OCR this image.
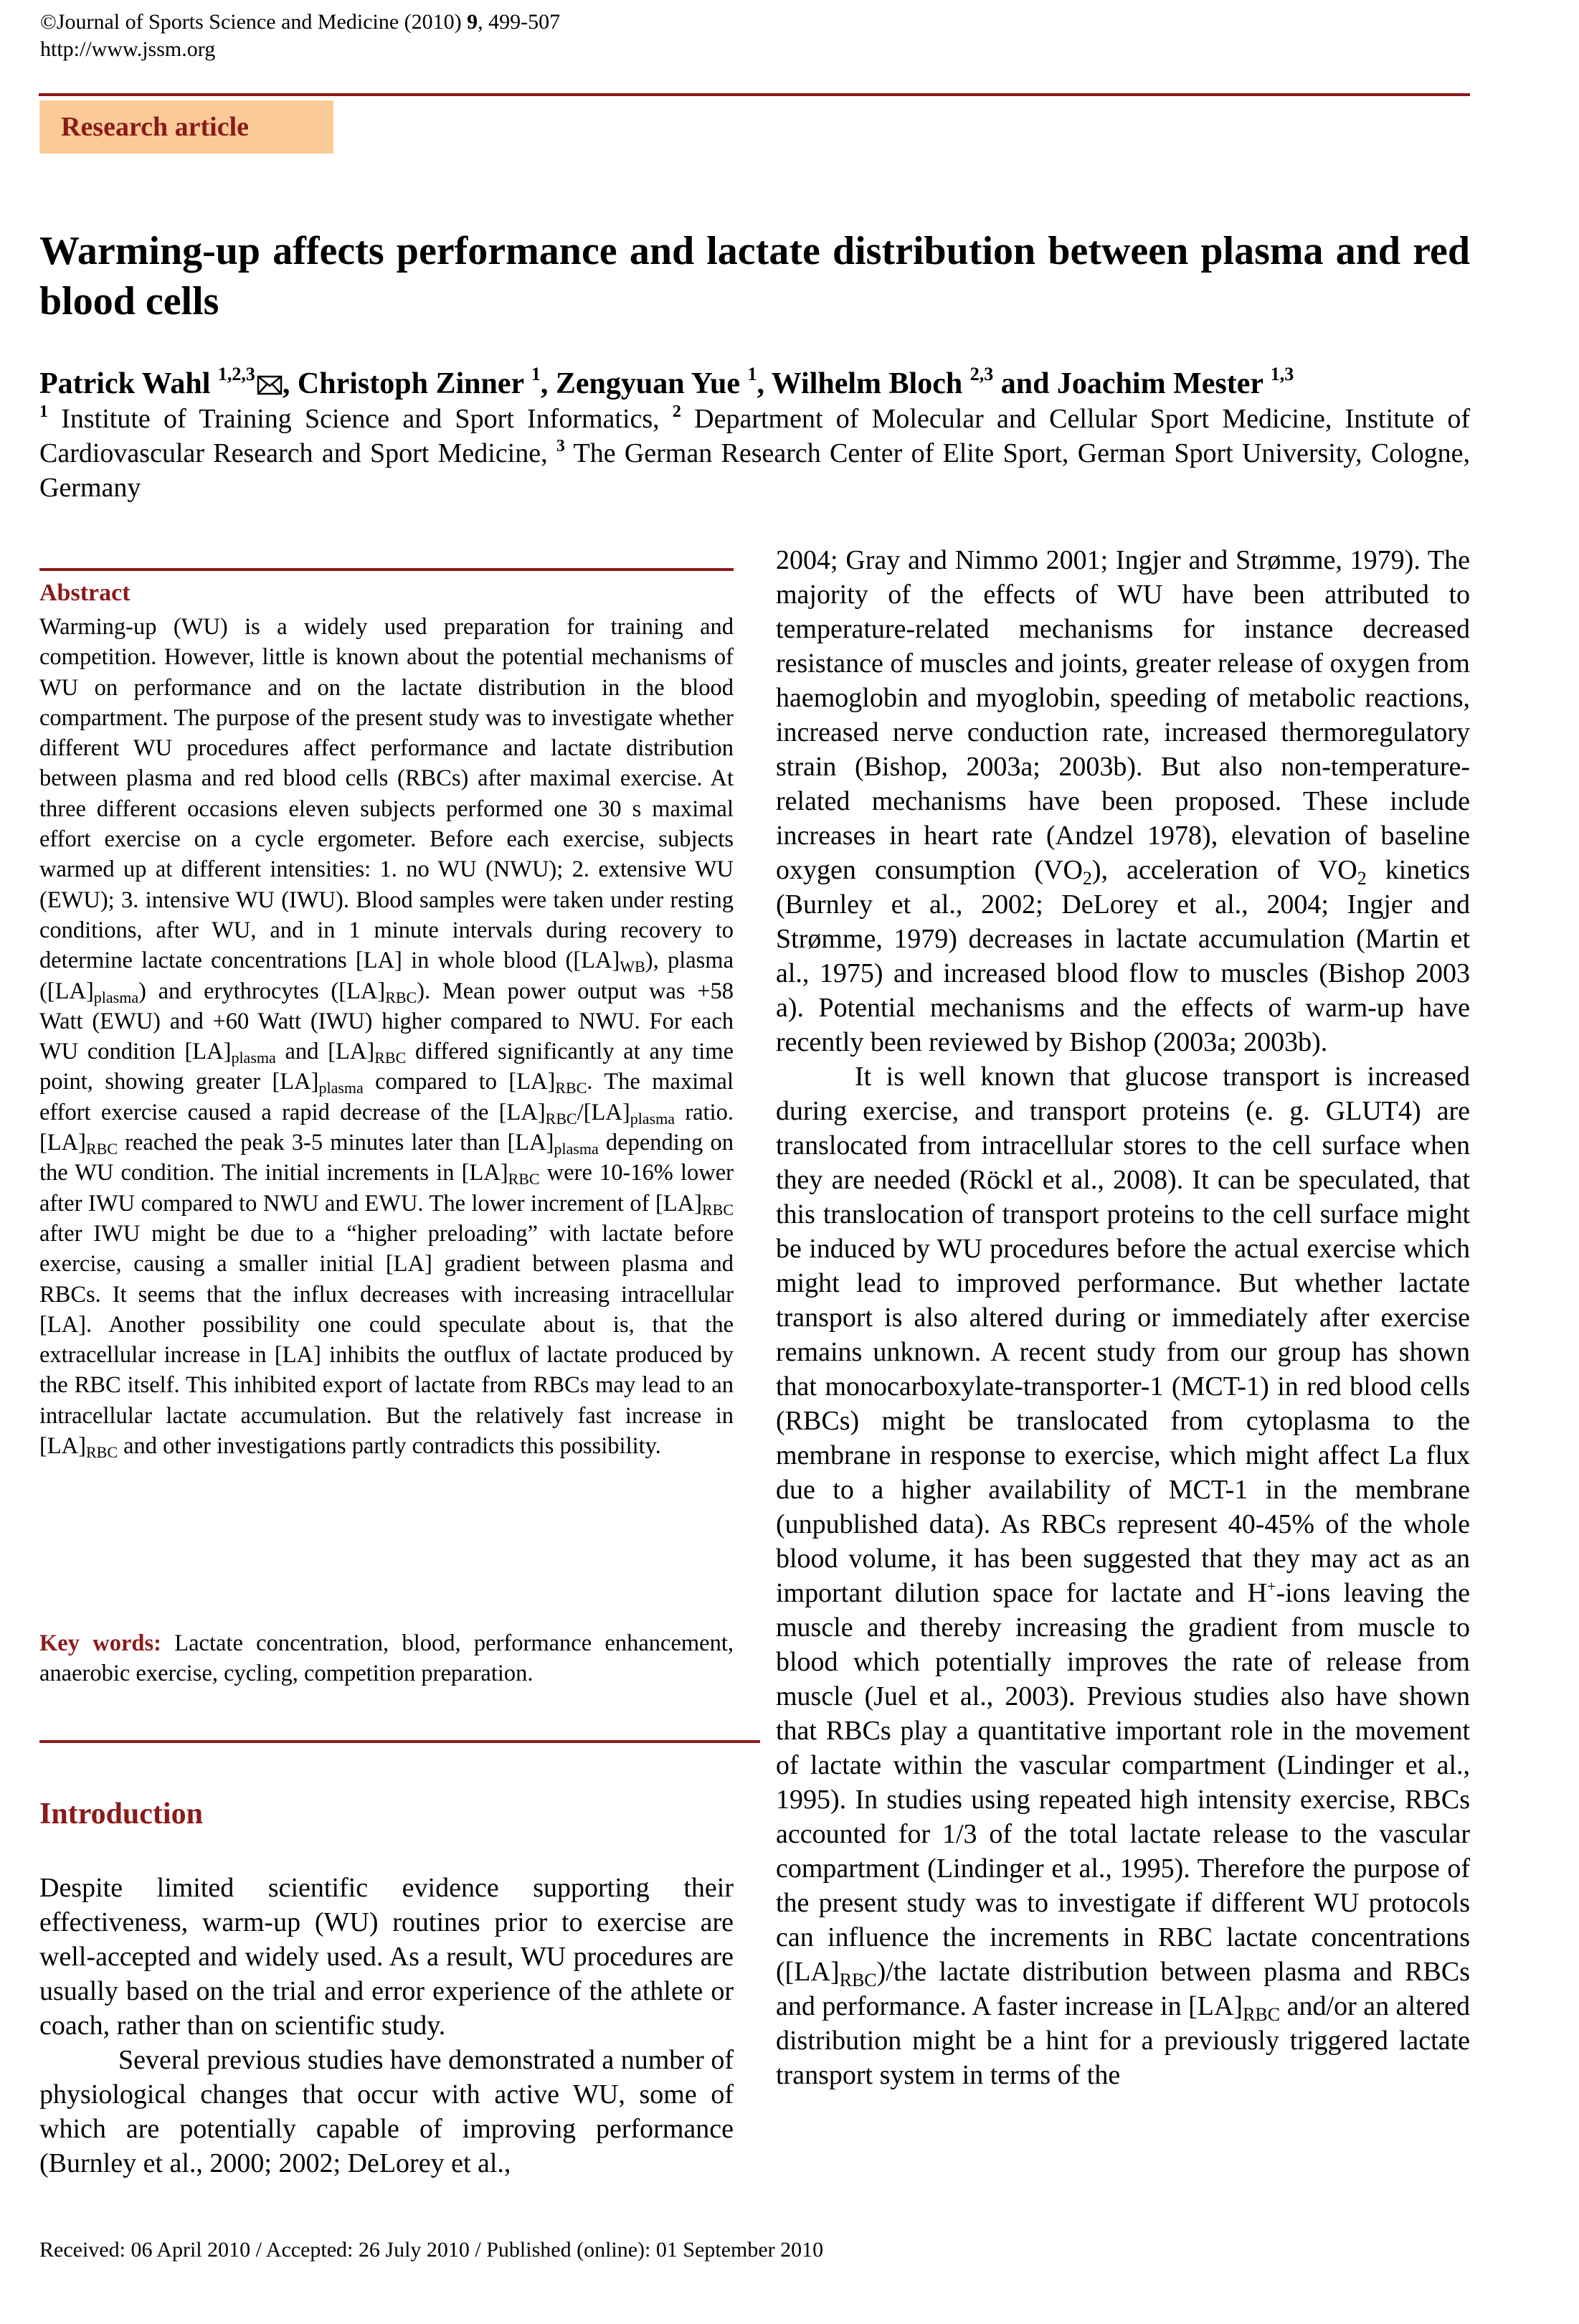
©Journal of Sports Science and Medicine (2010) 9, 499-507
http://www.jssm.org
Research article
Warming-up affects performance and lactate distribution between plasma and red blood cells
Patrick Wahl $^{1,2,3}$ , Christoph Zinner $^1$, Zengyuan Yue $^1$, Wilhelm Bloch $^{2,3}$ and Joachim Mester $^{1,3}$
$^1$ Institute of Training Science and Sport Informatics, $^2$ Department of Molecular and Cellular Sport Medicine, Institute of Cardiovascular Research and Sport Medicine, $^3$ The German Research Center of Elite Sport, German Sport University, Cologne, Germany
Abstract
Warming-up (WU) is a widely used preparation for training and competition. However, little is known about the potential mechanisms of WU on performance and on the lactate distribution in the blood compartment. The purpose of the present study was to investigate whether different WU procedures affect performance and lactate distribution between plasma and red blood cells (RBCs) after maximal exercise. At three different occasions eleven subjects performed one 30 s maximal effort exercise on a cycle ergometer. Before each exercise, subjects warmed up at different intensities: 1. no WU (NWU); 2. extensive WU (EWU); 3. intensive WU (IWU). Blood samples were taken under resting conditions, after WU, and in 1 minute intervals during recovery to determine lactate concentrations [LA] in whole blood $([LA]_{WB})$, plasma $([LA]_{plasma})$ and erythrocytes $([LA]_{RBC})$. Mean power output was +58 Watt (EWU) and +60 Watt (IWU) higher compared to NWU. For each WU condition $[LA]_{plasma}$ and $[LA]_{RBC}$ differed significantly at any time point, showing greater $[LA]_{plasma}$ compared to $[LA]_{RBC}$. The maximal effort exercise caused a rapid decrease of the $[LA]_{RBC}/[LA]_{plasma}$ ratio. $[LA]_{RBC}$ reached the peak 3-5 minutes later than $[LA]_{plasma}$ depending on the WU condition. The initial increments in $[LA]_{RBC}$ were 10-16% lower after IWU compared to NWU and EWU. The lower increment of $[LA]_{RBC}$ after IWU might be due to a “higher preloading” with lactate before exercise, causing a smaller initial [LA] gradient between plasma and RBCs. It seems that the influx decreases with increasing intracellular [LA]. Another possibility one could speculate about is, that the extracellular increase in [LA] inhibits the outflux of lactate produced by the RBC itself. This inhibited export of lactate from RBCs may lead to an intracellular lactate accumulation. But the relatively fast increase in $[LA]_{RBC}$ and other investigations partly contradicts this possibility.
Key words: Lactate concentration, blood, performance enhancement, anaerobic exercise, cycling, competition preparation.
Introduction

Despite limited scientific evidence supporting their effectiveness, warm-up (WU) routines prior to exercise are well-accepted and widely used. As a result, WU procedures are usually based on the trial and error experience of the athlete or coach, rather than on scientific study.

Several previous studies have demonstrated a number of physiological changes that occur with active WU, some of which are potentially capable of improving performance (Burnley et al., 2000; 2002; DeLorey et al.,

2004; Gray and Nimmo 2001; Ingjer and Strømme, 1979). The majority of the effects of WU have been attributed to temperature-related mechanisms for instance decreased resistance of muscles and joints, greater release of oxygen from haemoglobin and myoglobin, speeding of metabolic reactions, increased nerve conduction rate, increased thermoregulatory strain (Bishop, 2003a; 2003b). But also non-temperature-related mechanisms have been proposed. These include increases in heart rate (Andzel 1978), elevation of baseline oxygen consumption $(VO_2)$, acceleration of $VO_2$ kinetics (Burnley et al., 2002; DeLorey et al., 2004; Ingjer and Strømme, 1979) decreases in lactate accumulation (Martin et al., 1975) and increased blood flow to muscles (Bishop 2003 a). Potential mechanisms and the effects of warm-up have recently been reviewed by Bishop (2003a; 2003b).

It is well known that glucose transport is increased during exercise, and transport proteins (e. g. GLUT4) are translocated from intracellular stores to the cell surface when they are needed (Röckl et al., 2008). It can be speculated, that this translocation of transport proteins to the cell surface might be induced by WU procedures before the actual exercise which might lead to improved performance. But whether lactate transport is also altered during or immediately after exercise remains unknown. A recent study from our group has shown that monocarboxylate-transporter-1 (MCT-1) in red blood cells (RBCs) might be translocated from cytoplasma to the membrane in response to exercise, which might affect La flux due to a higher availability of MCT-1 in the membrane (unpublished data). As RBCs represent 40-45% of the whole blood volume, it has been suggested that they may act as an important dilution space for lactate and H+-ions leaving the muscle and thereby increasing the gradient from muscle to blood which potentially improves the rate of release from muscle (Juel et al., 2003). Previous studies also have shown that RBCs play a quantitative important role in the movement of lactate within the vascular compartment (Lindinger et al., 1995). In studies using repeated high intensity exercise, RBCs accounted for 1/3 of the total lactate release to the vascular compartment (Lindinger et al., 1995). Therefore the purpose of the present study was to investigate if different WU protocols can influence the increments in RBC lactate concentrations $([LA]_{RBC})$/the lactate distribution between plasma and RBCs and performance. A faster increase in $[LA]_{RBC}$ and/or an altered distribution might be a hint for a previously triggered lactate transport system in terms of the

Received: 06 April 2010 / Accepted: 26 July 2010 / Published (online): 01 September 2010
